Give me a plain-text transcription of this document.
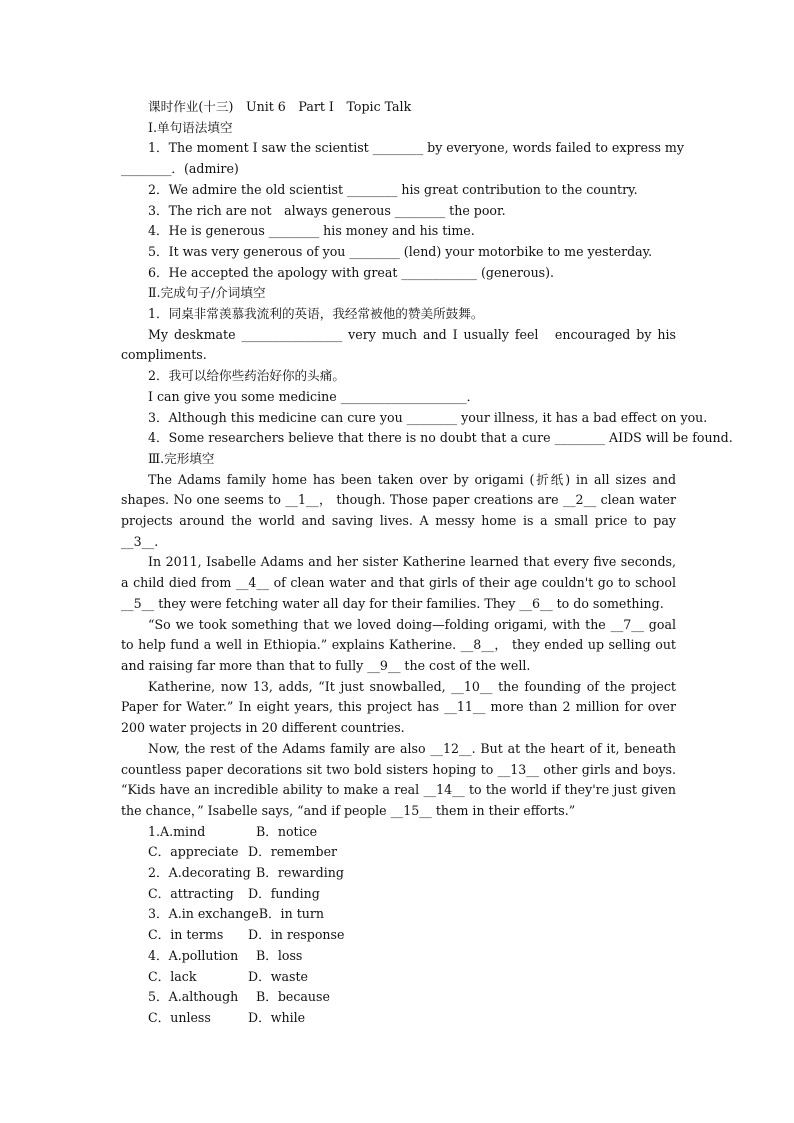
课时作业(十三)　Unit 6　Part Ⅰ　Topic Talk
Ⅰ.单句语法填空
1．The moment I saw the scientist ________ by everyone, words failed to express my
________．(admire)
2．We admire the old scientist ________ his great contribution to the country.
3．The rich are not　always generous ________ the poor.
4．He is generous ________ his money and his time.
5．It was very generous of you ________ (lend) your motorbike to me yesterday.
6．He accepted the apology with great ____________ (generous).
Ⅱ.完成句子/介词填空
1．同桌非常羡慕我流利的英语，我经常被他的赞美所鼓舞。
My deskmate ________________ very much and I usually feel　encouraged by his
compliments.
2．我可以给你些药治好你的头痛。
I can give you some medicine ____________________．
3．Although this medicine can cure you ________ your illness, it has a bad effect on you.
4．Some researchers believe that there is no doubt that a cure ________ AIDS will be found.
Ⅲ.完形填空
The Adams family home has been taken over by origami (折纸) in all sizes and shapes. No one seems to __1__， though. Those paper creations are __2__ clean water projects around the world and saving lives. A messy home is a small price to pay __3__.
In 2011, Isabelle Adams and her sister Katherine learned that every five seconds, a child died from __4__ of clean water and that girls of their age couldn't go to school __5__ they were fetching water all day for their families. They __6__ to do something.
“So we took something that we loved doing—folding origami, with the __7__ goal to help fund a well in Ethiopia.” explains Katherine. __8__， they ended up selling out and raising far more than that to fully __9__ the cost of the well.
Katherine, now 13, adds, “It just snowballed, __10__ the founding of the project Paper for Water.” In eight years, this project has __11__ more than 2 million for over 200 water projects in 20 different countries.
Now, the rest of the Adams family are also __12__. But at the heart of it, beneath countless paper decorations sit two bold sisters hoping to __13__ other girls and boys. “Kids have an incredible ability to make a real __14__ to the world if they're just given the chance，” Isabelle says, “and if people __15__ them in their efforts.”
1.A.mind	B．notice
C．appreciate D．remember
2．A.decorating B．rewarding
C．attracting D．funding
3．A.in exchangeB．in turn
C．in terms D．in response
4．A.pollution B．loss
C．lack	D．waste
5．A.although B．because
C．unless	D．while
